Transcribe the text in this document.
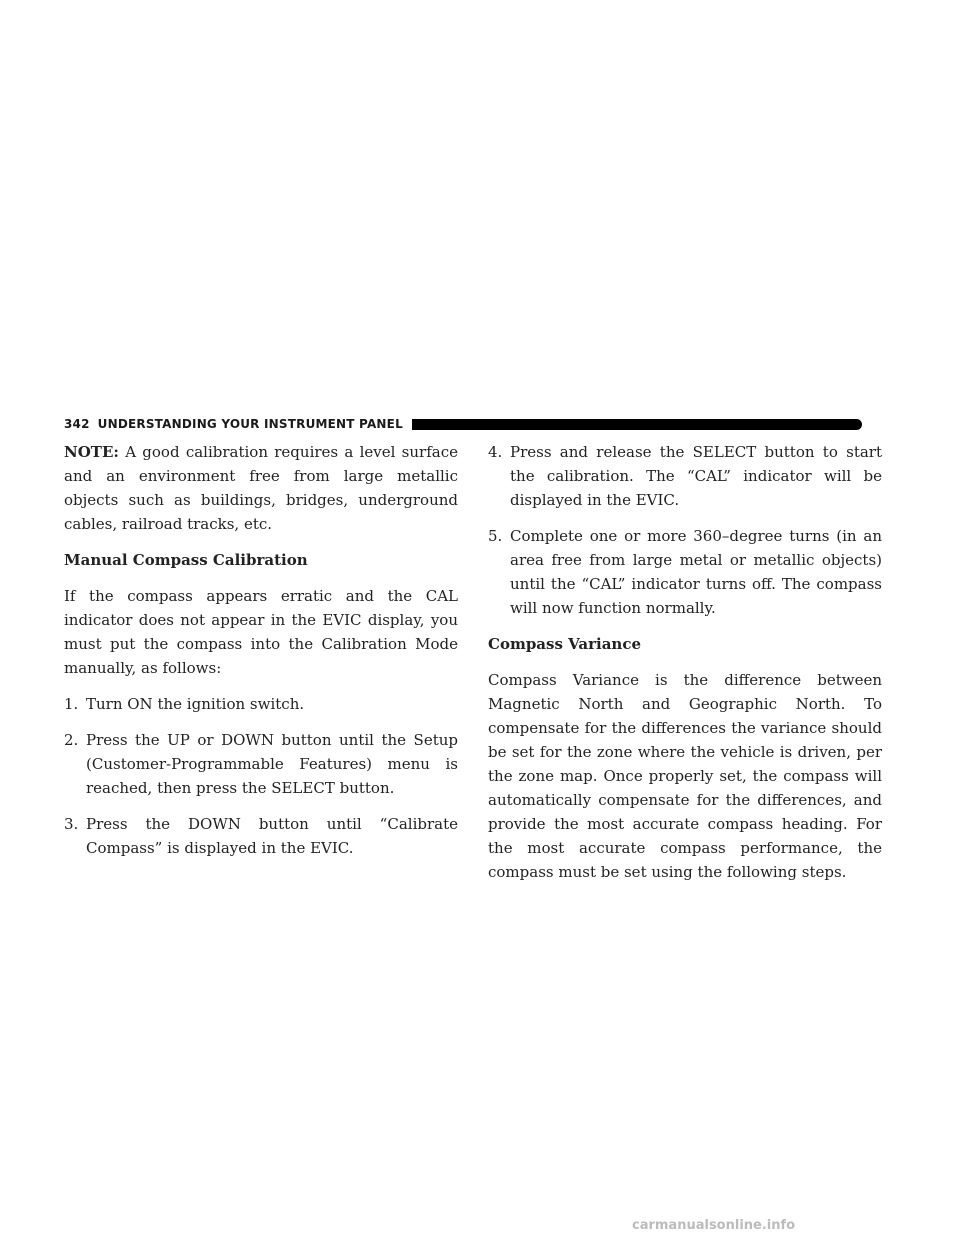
342 UNDERSTANDING YOUR INSTRUMENT PANEL

NOTE: A good calibration requires a level surface and an environment free from large metallic objects such as buildings, bridges, underground cables, railroad tracks, etc.

Manual Compass Calibration

If the compass appears erratic and the CAL indicator does not appear in the EVIC display, you must put the compass into the Calibration Mode manually, as follows:

1. Turn ON the ignition switch.
2. Press the UP or DOWN button until the Setup (Customer-Programmable Features) menu is reached, then press the SELECT button.
3. Press the DOWN button until “Calibrate Compass” is displayed in the EVIC.
4. Press and release the SELECT button to start the calibration. The “CAL” indicator will be displayed in the EVIC.
5. Complete one or more 360–degree turns (in an area free from large metal or metallic objects) until the “CAL” indicator turns off. The compass will now function normally.
Compass Variance

Compass Variance is the difference between Magnetic North and Geographic North. To compensate for the differences the variance should be set for the zone where the vehicle is driven, per the zone map. Once properly set, the compass will automatically compensate for the differences, and provide the most accurate compass heading. For the most accurate compass performance, the compass must be set using the following steps.

carmanualsonline.info
